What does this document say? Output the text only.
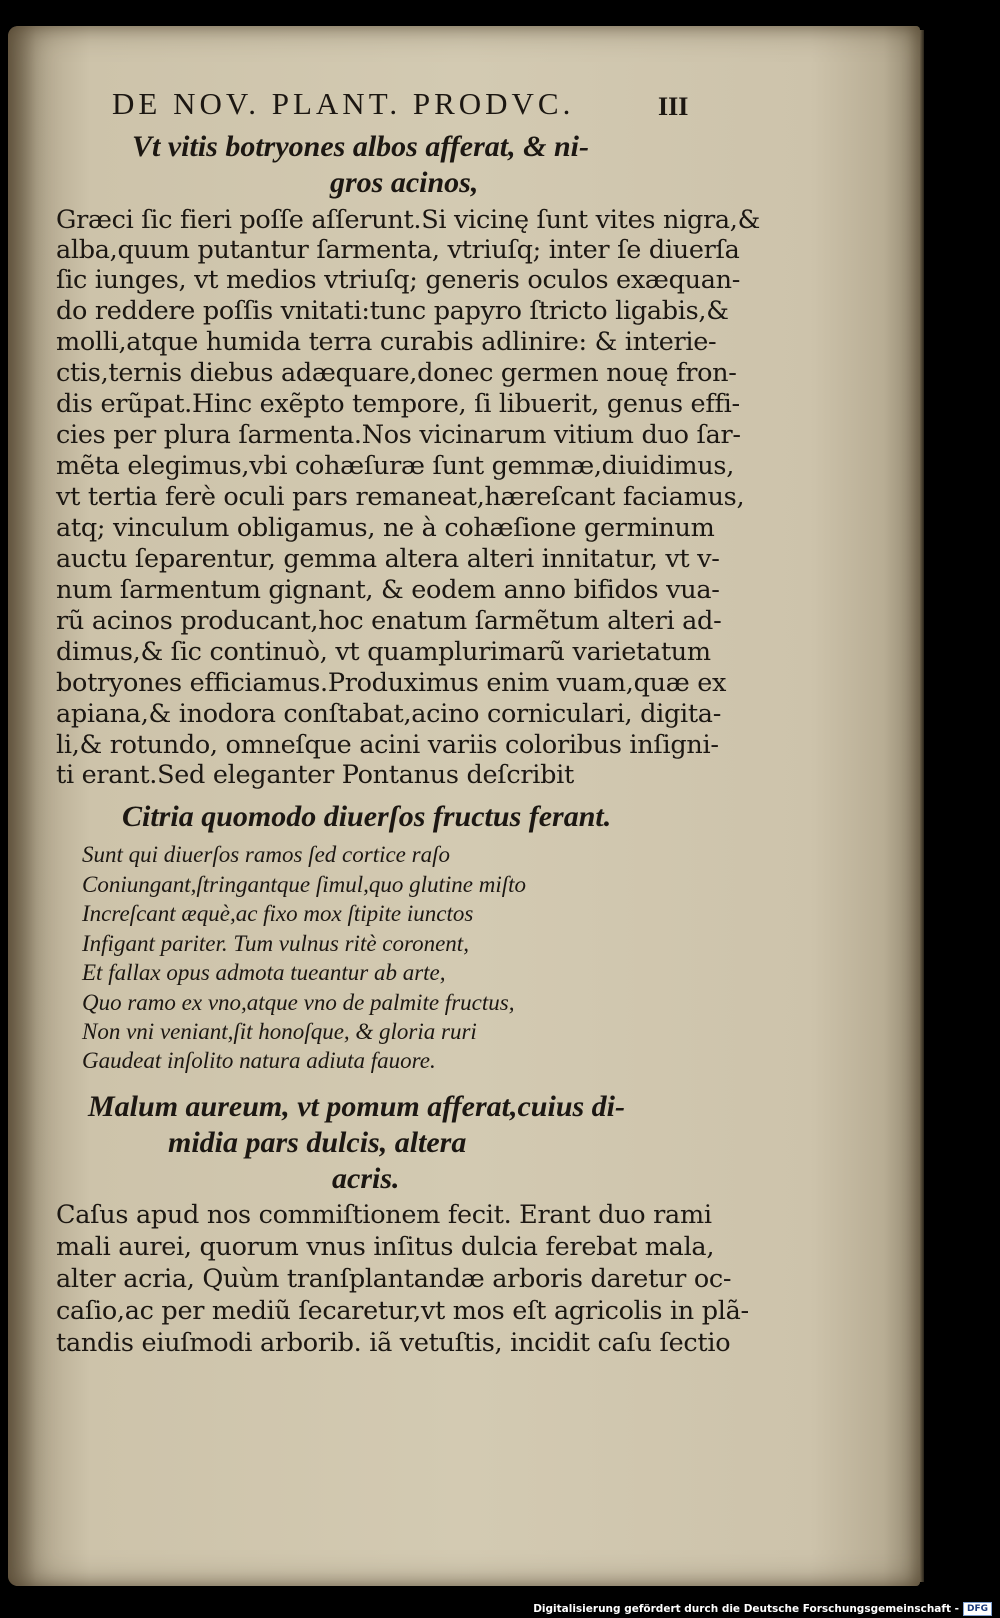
DE NOV. PLANT. PRODVC.	III
Vt vitis botryones albos afferat, & ni-
gros acinos,
Græci ſic fieri poſſe aſſerunt.Si vicinę ſunt vites nigra,&
alba,quum putantur ſarmenta, vtriuſq; inter ſe diuerſa
ſic iunges, vt medios vtriuſq; generis oculos exæquan-
do reddere poſſis vnitati:tunc papyro ſtricto ligabis,&
molli,atque humida terra curabis adlinire: & interie-
ctis,ternis diebus adæquare,donec germen nouę fron-
dis erũpat.Hinc exẽpto tempore, ſi libuerit, genus effi-
cies per plura ſarmenta.Nos vicinarum vitium duo ſar-
mẽta elegimus,vbi cohæſuræ ſunt gemmæ,diuidimus,
vt tertia ferè oculi pars remaneat,hæreſcant faciamus,
atq; vinculum obligamus, ne à cohæſione germinum
auctu ſeparentur, gemma altera alteri innitatur, vt v-
num ſarmentum gignant, & eodem anno bifidos vua-
rũ acinos producant,hoc enatum ſarmẽtum alteri ad-
dimus,& ſic continuò, vt quamplurimarũ varietatum
botryones efficiamus.Produximus enim vuam,quæ ex
apiana,& inodora conſtabat,acino corniculari, digita-
li,& rotundo, omneſque acini variis coloribus inſigni-
ti erant.Sed eleganter Pontanus deſcribit
Citria quomodo diuerſos fructus ferant.
Sunt qui diuerſos ramos ſed cortice raſo
Coniungant,ſtringantque ſimul,quo glutine miſto
Increſcant æquè,ac fixo mox ſtipite iunctos
Infigant pariter. Tum vulnus ritè coronent,
Et fallax opus admota tueantur ab arte,
Quo ramo ex vno,atque vno de palmite fructus,
Non vni veniant,ſit honoſque, & gloria ruri
Gaudeat inſolito natura adiuta fauore.
Malum aureum, vt pomum afferat,cuius di-
midia pars dulcis, altera
acris.
Caſus apud nos commiſtionem fecit. Erant duo rami
mali aurei, quorum vnus inſitus dulcia ferebat mala,
alter acria, Quùm tranſplantandæ arboris daretur oc-
caſio,ac per mediũ ſecaretur,vt mos eſt agricolis in plã-
tandis eiuſmodi arborib. iã vetuſtis, incidit caſu ſectio
Digitalisierung gefördert durch die Deutsche Forschungsgemeinschaft - DFG
